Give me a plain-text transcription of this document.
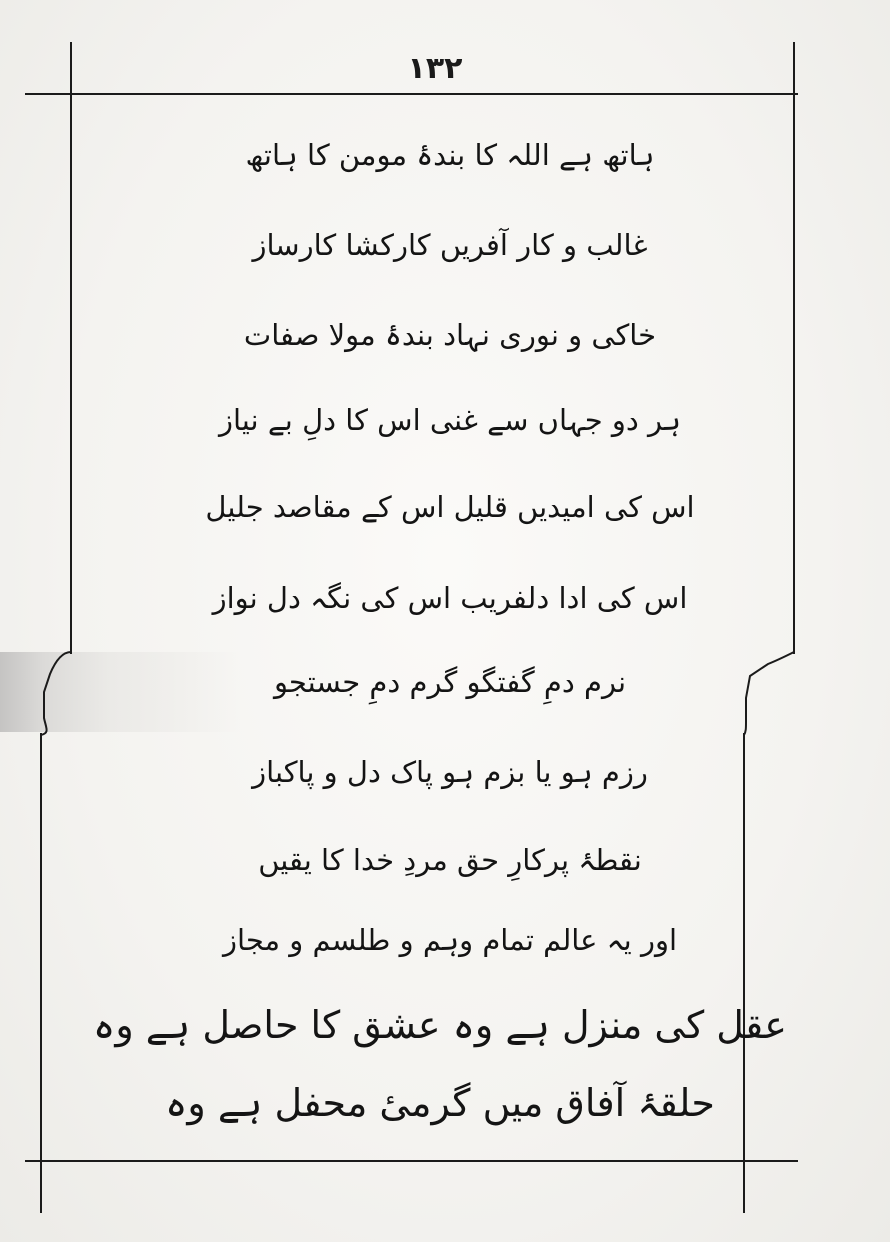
۱۳۲
ہاتھ ہے اللہ کا بندۂ مومن کا ہاتھ
غالب و کار آفریں کارکشا کارساز
خاکی و نوری نہاد بندۂ مولا صفات
ہر دو جہاں سے غنی اس کا دلِ بے نیاز
اس کی امیدیں قلیل اس کے مقاصد جلیل
اس کی ادا دلفریب اس کی نگہ دل نواز
نرم دمِ گفتگو گرم دمِ جستجو
رزم ہو یا بزم ہو پاک دل و پاکباز
نقطۂ پرکارِ حق مردِ خدا کا یقیں
اور یہ عالم تمام وہم و طلسم و مجاز
عقل کی منزل ہے وہ عشق کا حاصل ہے وہ
حلقۂ آفاق میں گرمیٔ محفل ہے وہ
